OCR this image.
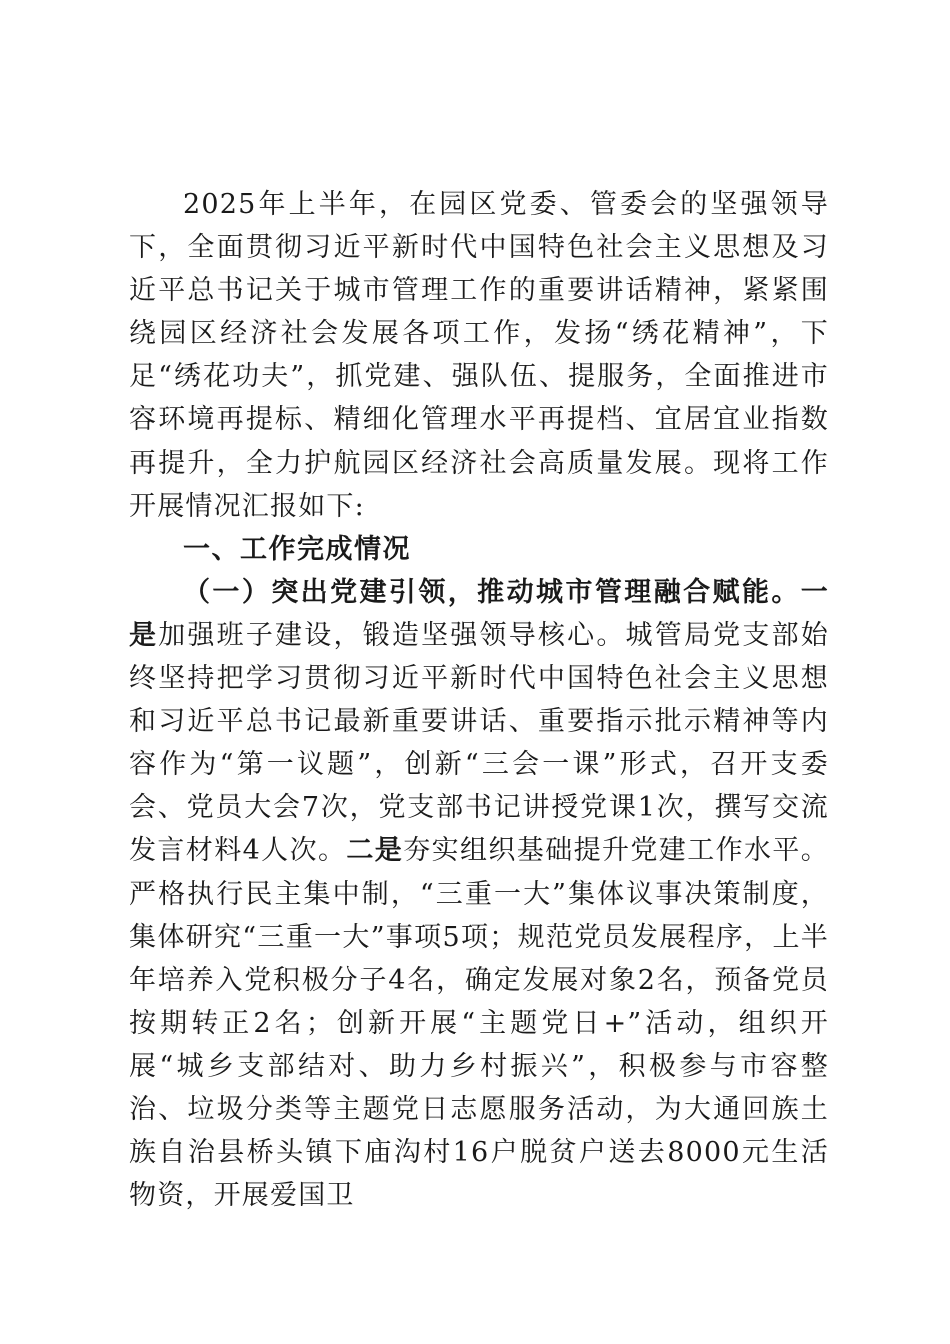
2025年上半年，在园区党委、管委会的坚强领导下，全面贯彻习近平新时代中国特色社会主义思想及习近平总书记关于城市管理工作的重要讲话精神，紧紧围绕园区经济社会发展各项工作，发扬“绣花精神”，下足“绣花功夫”，抓党建、强队伍、提服务，全面推进市容环境再提标、精细化管理水平再提档、宜居宜业指数再提升，全力护航园区经济社会高质量发展。现将工作开展情况汇报如下:

一、工作完成情况

（一）突出党建引领，推动城市管理融合赋能。一是加强班子建设，锻造坚强领导核心。城管局党支部始终坚持把学习贯彻习近平新时代中国特色社会主义思想和习近平总书记最新重要讲话、重要指示批示精神等内容作为“第一议题”，创新“三会一课”形式，召开支委会、党员大会7次，党支部书记讲授党课1次，撰写交流发言材料4人次。二是夯实组织基础提升党建工作水平。严格执行民主集中制，“三重一大”集体议事决策制度，集体研究“三重一大”事项5项；规范党员发展程序，上半年培养入党积极分子4名，确定发展对象2名，预备党员按期转正2名；创新开展“主题党日+”活动，组织开展“城乡支部结对、助力乡村振兴”，积极参与市容整治、垃圾分类等主题党日志愿服务活动，为大通回族土族自治县桥头镇下庙沟村16户脱贫户送去8000元生活物资，开展爱国卫
